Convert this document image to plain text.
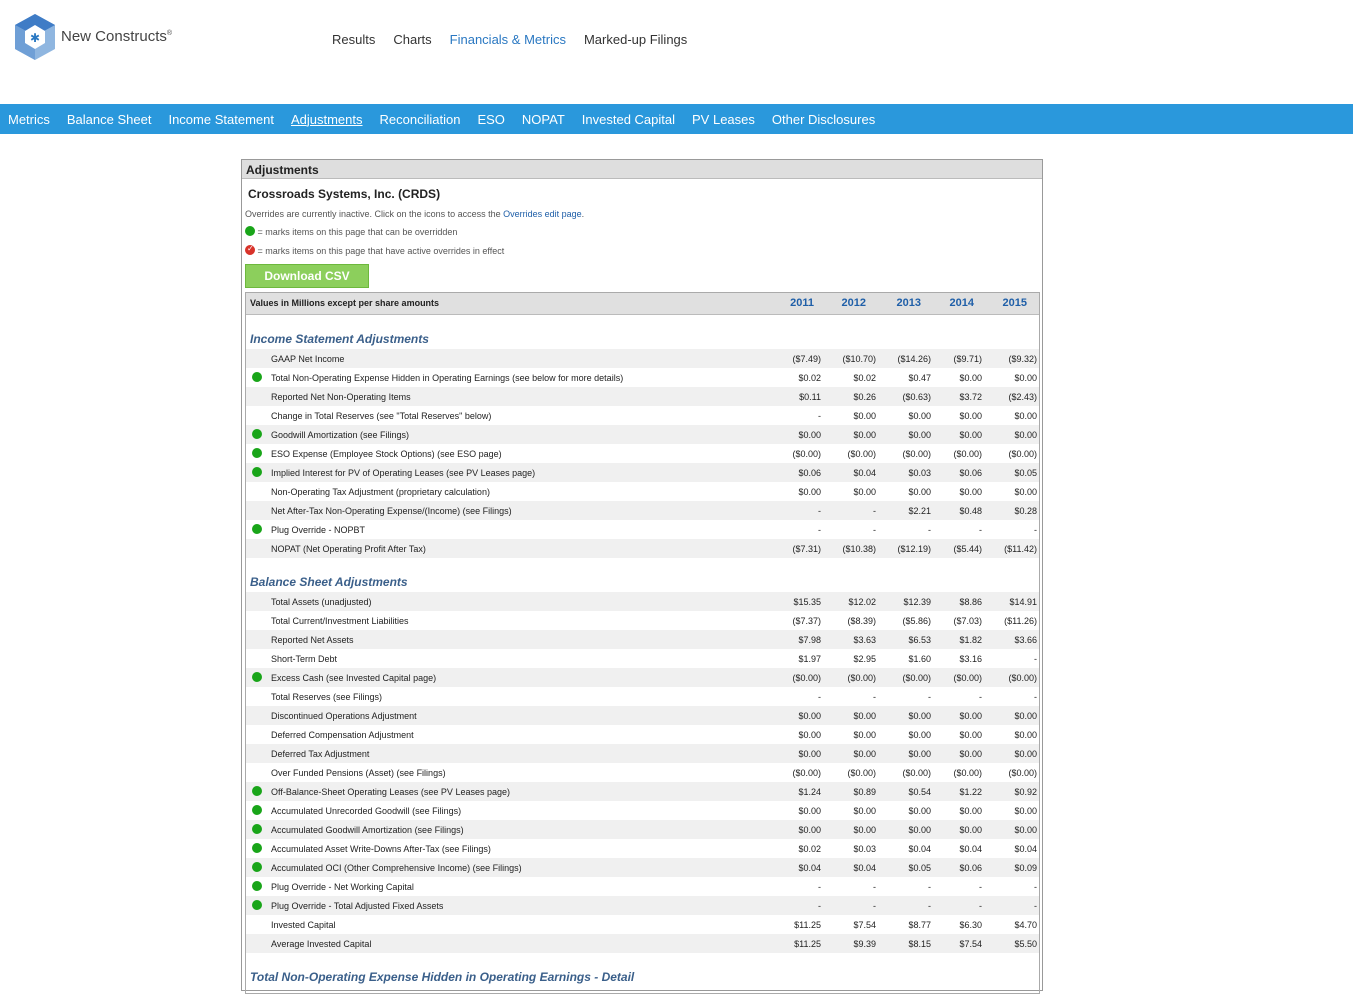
✱ New Constructs®	Results Charts Financials & Metrics Marked-up Filings
Metrics Balance Sheet Income Statement Adjustments Reconciliation ESO NOPAT Invested Capital PV Leases Other Disclosures
Adjustments
Crossroads Systems, Inc. (CRDS)
Overrides are currently inactive. Click on the icons to access the Overrides edit page.
= marks items on this page that can be overridden
✓ = marks items on this page that have active overrides in effect
Download CSV
Values in Millions except per share amounts	2011	2012	2013	2014	2015
Income Statement Adjustments
GAAP Net Income	($7.49)	($10.70)	($14.26)	($9.71)	($9.32)
Total Non-Operating Expense Hidden in Operating Earnings (see below for more details)	$0.02	$0.02	$0.47	$0.00	$0.00
Reported Net Non-Operating Items	$0.11	$0.26	($0.63)	$3.72	($2.43)
Change in Total Reserves (see "Total Reserves" below)	-	$0.00	$0.00	$0.00	$0.00
Goodwill Amortization (see Filings)	$0.00	$0.00	$0.00	$0.00	$0.00
ESO Expense (Employee Stock Options) (see ESO page)	($0.00)	($0.00)	($0.00)	($0.00)	($0.00)
Implied Interest for PV of Operating Leases (see PV Leases page)	$0.06	$0.04	$0.03	$0.06	$0.05
Non-Operating Tax Adjustment (proprietary calculation)	$0.00	$0.00	$0.00	$0.00	$0.00
Net After-Tax Non-Operating Expense/(Income) (see Filings)	-	-	$2.21	$0.48	$0.28
Plug Override - NOPBT	-	-	-	-	-
NOPAT (Net Operating Profit After Tax)	($7.31)	($10.38)	($12.19)	($5.44)	($11.42)
Balance Sheet Adjustments
Total Assets (unadjusted)	$15.35	$12.02	$12.39	$8.86	$14.91
Total Current/Investment Liabilities	($7.37)	($8.39)	($5.86)	($7.03)	($11.26)
Reported Net Assets	$7.98	$3.63	$6.53	$1.82	$3.66
Short-Term Debt	$1.97	$2.95	$1.60	$3.16	-
Excess Cash (see Invested Capital page)	($0.00)	($0.00)	($0.00)	($0.00)	($0.00)
Total Reserves (see Filings)	-	-	-	-	-
Discontinued Operations Adjustment	$0.00	$0.00	$0.00	$0.00	$0.00
Deferred Compensation Adjustment	$0.00	$0.00	$0.00	$0.00	$0.00
Deferred Tax Adjustment	$0.00	$0.00	$0.00	$0.00	$0.00
Over Funded Pensions (Asset) (see Filings)	($0.00)	($0.00)	($0.00)	($0.00)	($0.00)
Off-Balance-Sheet Operating Leases (see PV Leases page)	$1.24	$0.89	$0.54	$1.22	$0.92
Accumulated Unrecorded Goodwill (see Filings)	$0.00	$0.00	$0.00	$0.00	$0.00
Accumulated Goodwill Amortization (see Filings)	$0.00	$0.00	$0.00	$0.00	$0.00
Accumulated Asset Write-Downs After-Tax (see Filings)	$0.02	$0.03	$0.04	$0.04	$0.04
Accumulated OCI (Other Comprehensive Income) (see Filings)	$0.04	$0.04	$0.05	$0.06	$0.09
Plug Override - Net Working Capital	-	-	-	-	-
Plug Override - Total Adjusted Fixed Assets	-	-	-	-	-
Invested Capital	$11.25	$7.54	$8.77	$6.30	$4.70
Average Invested Capital	$11.25	$9.39	$8.15	$7.54	$5.50
Total Non-Operating Expense Hidden in Operating Earnings - Detail
